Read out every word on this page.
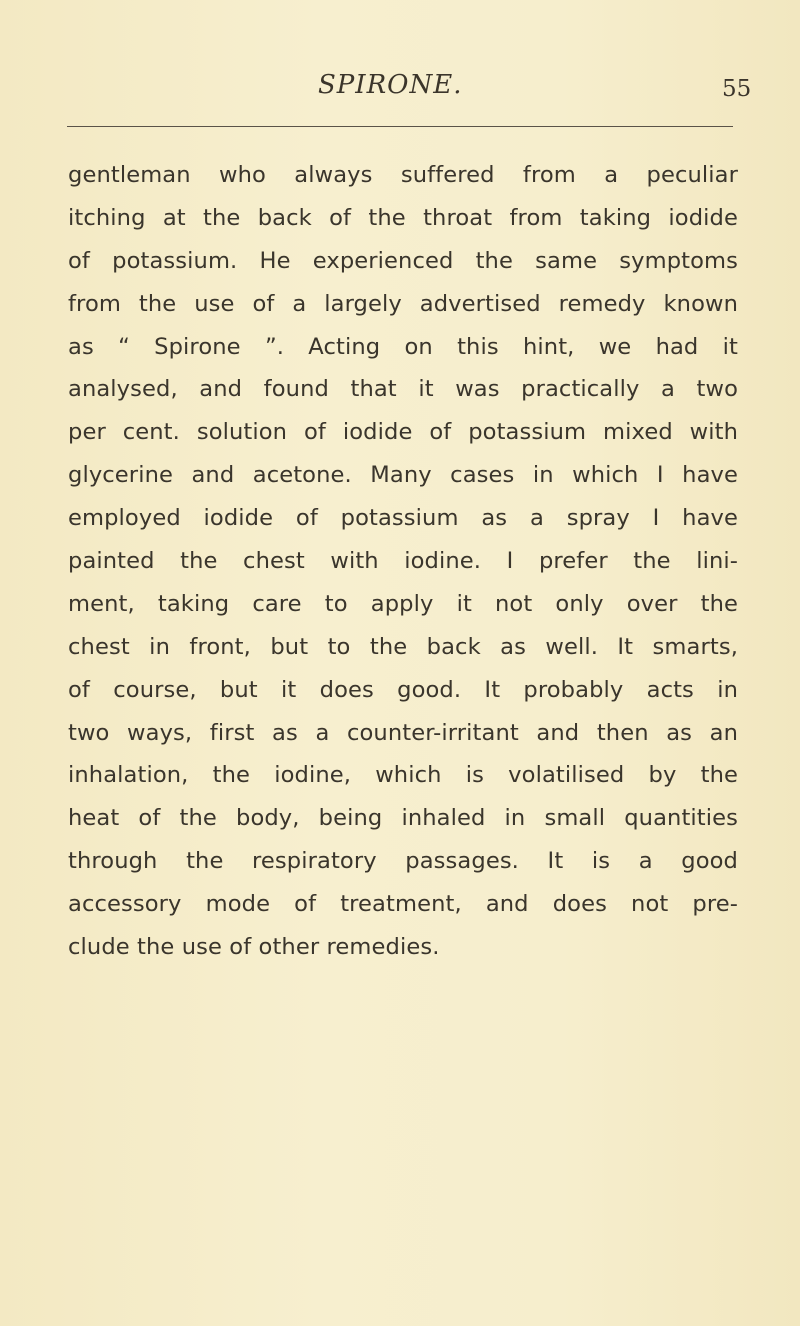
SPIRONE.	55

gentleman who always suffered from a peculiar
itching at the back of the throat from taking iodide
of potassium. He experienced the same symptoms
from the use of a largely advertised remedy known
as “ Spirone ”. Acting on this hint, we had it
analysed, and found that it was practically a two
per cent. solution of iodide of potassium mixed with
glycerine and acetone. Many cases in which I have
employed iodide of potassium as a spray I have
painted the chest with iodine. I prefer the lini-
ment, taking care to apply it not only over the
chest in front, but to the back as well. It smarts,
of course, but it does good. It probably acts in
two ways, first as a counter-irritant and then as an
inhalation, the iodine, which is volatilised by the
heat of the body, being inhaled in small quantities
through the respiratory passages. It is a good
accessory mode of treatment, and does not pre-
clude the use of other remedies.
